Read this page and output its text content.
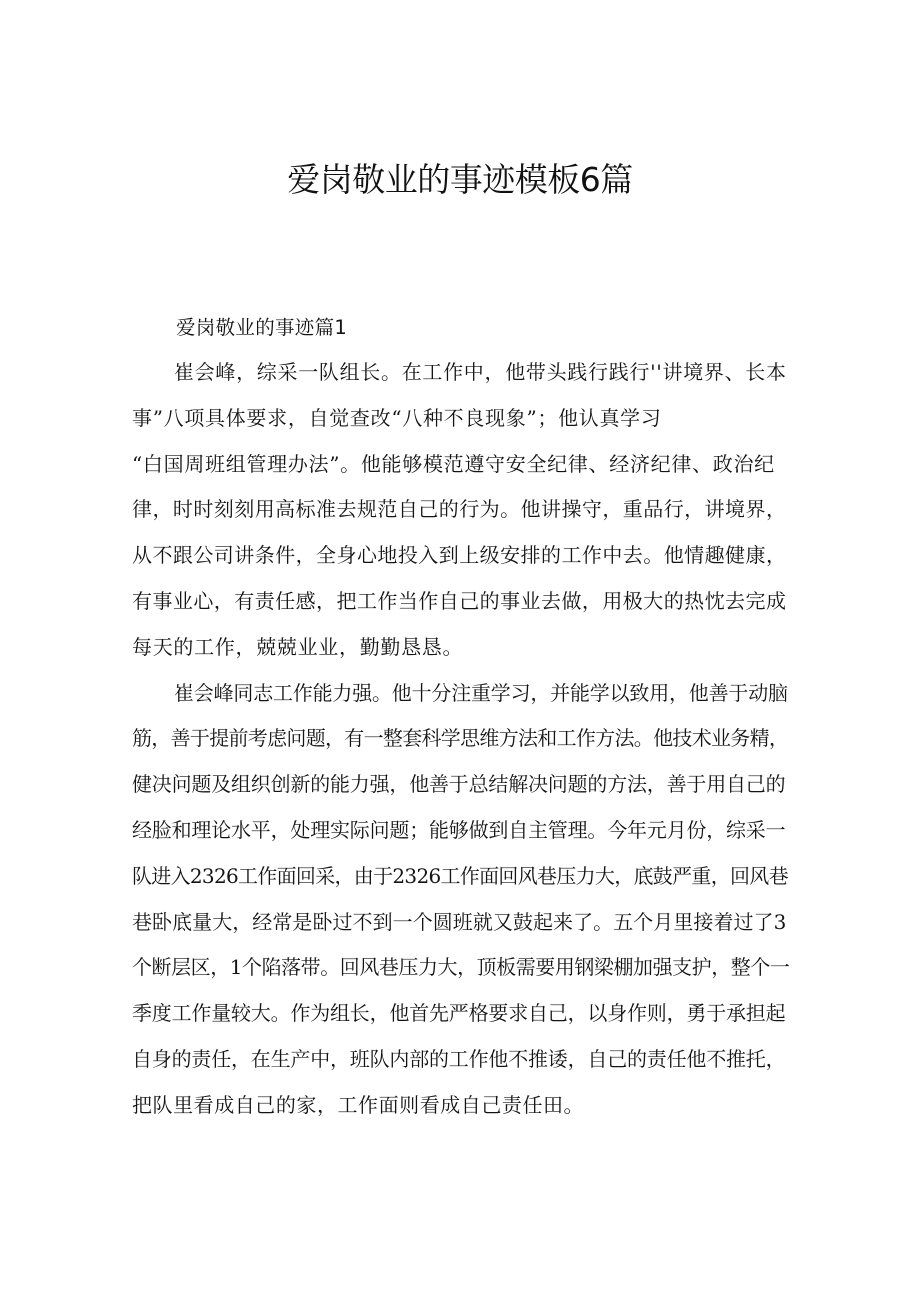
爱岗敬业的事迹模板6篇
爱岗敬业的事迹篇1
崔会峰，综采一队组长。在工作中，他带头践行践行''讲境界、长本
事”八项具体要求，自觉查改“八种不良现象”；他认真学习
“白国周班组管理办法”。他能够模范遵守安全纪律、经济纪律、政治纪
律，时时刻刻用高标准去规范自己的行为。他讲操守，重品行，讲境界，
从不跟公司讲条件，全身心地投入到上级安排的工作中去。他情趣健康，
有事业心，有责任感，把工作当作自己的事业去做，用极大的热忱去完成
每天的工作，兢兢业业，勤勤恳恳。
崔会峰同志工作能力强。他十分注重学习，并能学以致用，他善于动脑
筋，善于提前考虑问题，有一整套科学思维方法和工作方法。他技术业务精，
健决问题及组织创新的能力强，他善于总结解决问题的方法，善于用自己的
经脸和理论水平，处理实际问题；能够做到自主管理。今年元月份，综采一
队进入2326工作面回采，由于2326工作面回风巷压力大，底鼓严重，回风巷
巷卧底量大，经常是卧过不到一个圆班就又鼓起来了。五个月里接着过了3
个断层区，1个陷落带。回风巷压力大，顶板需要用钢梁棚加强支护，整个一
季度工作量较大。作为组长，他首先严格要求自己，以身作则，勇于承担起
自身的责任，在生产中，班队内部的工作他不推诿，自己的责任他不推托，
把队里看成自己的家，工作面则看成自己责任田。
